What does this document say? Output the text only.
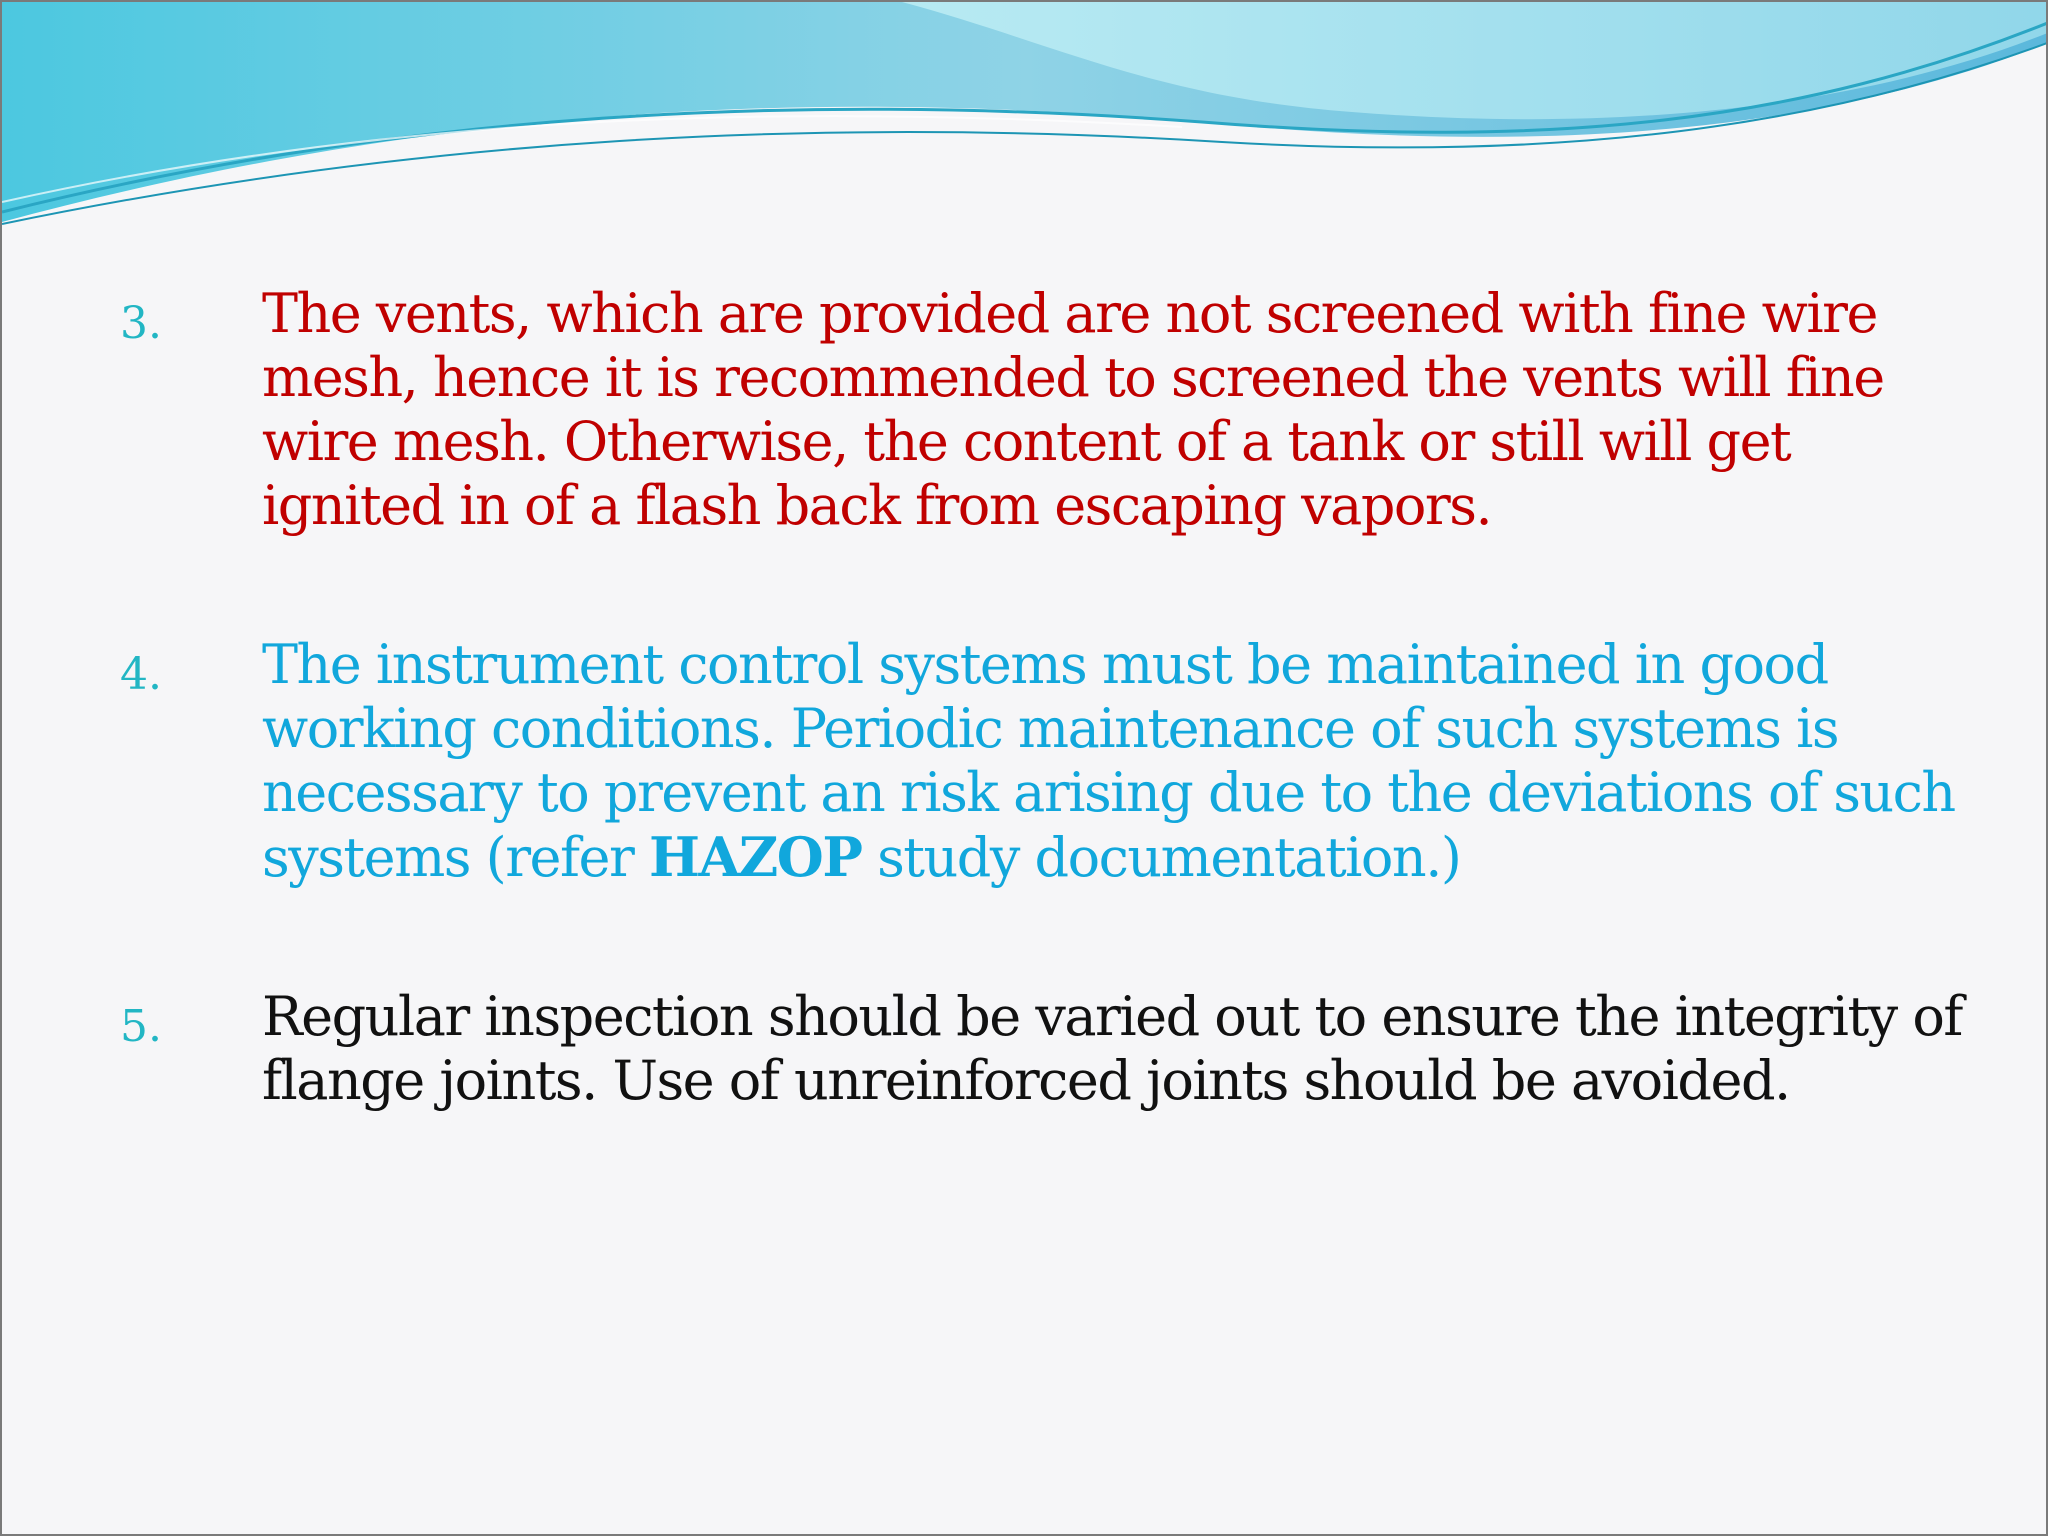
3. The vents, which are provided are not screened with fine wire
mesh, hence it is recommended to screened the vents will fine
wire mesh. Otherwise, the content of a tank or still will get
ignited in of a flash back from escaping vapors.
4. The instrument control systems must be maintained in good
working conditions. Periodic maintenance of such systems is
necessary to prevent an risk arising due to the deviations of such
systems (refer HAZOP study documentation.)
5. Regular inspection should be varied out to ensure the integrity of
flange joints. Use of unreinforced joints should be avoided.
